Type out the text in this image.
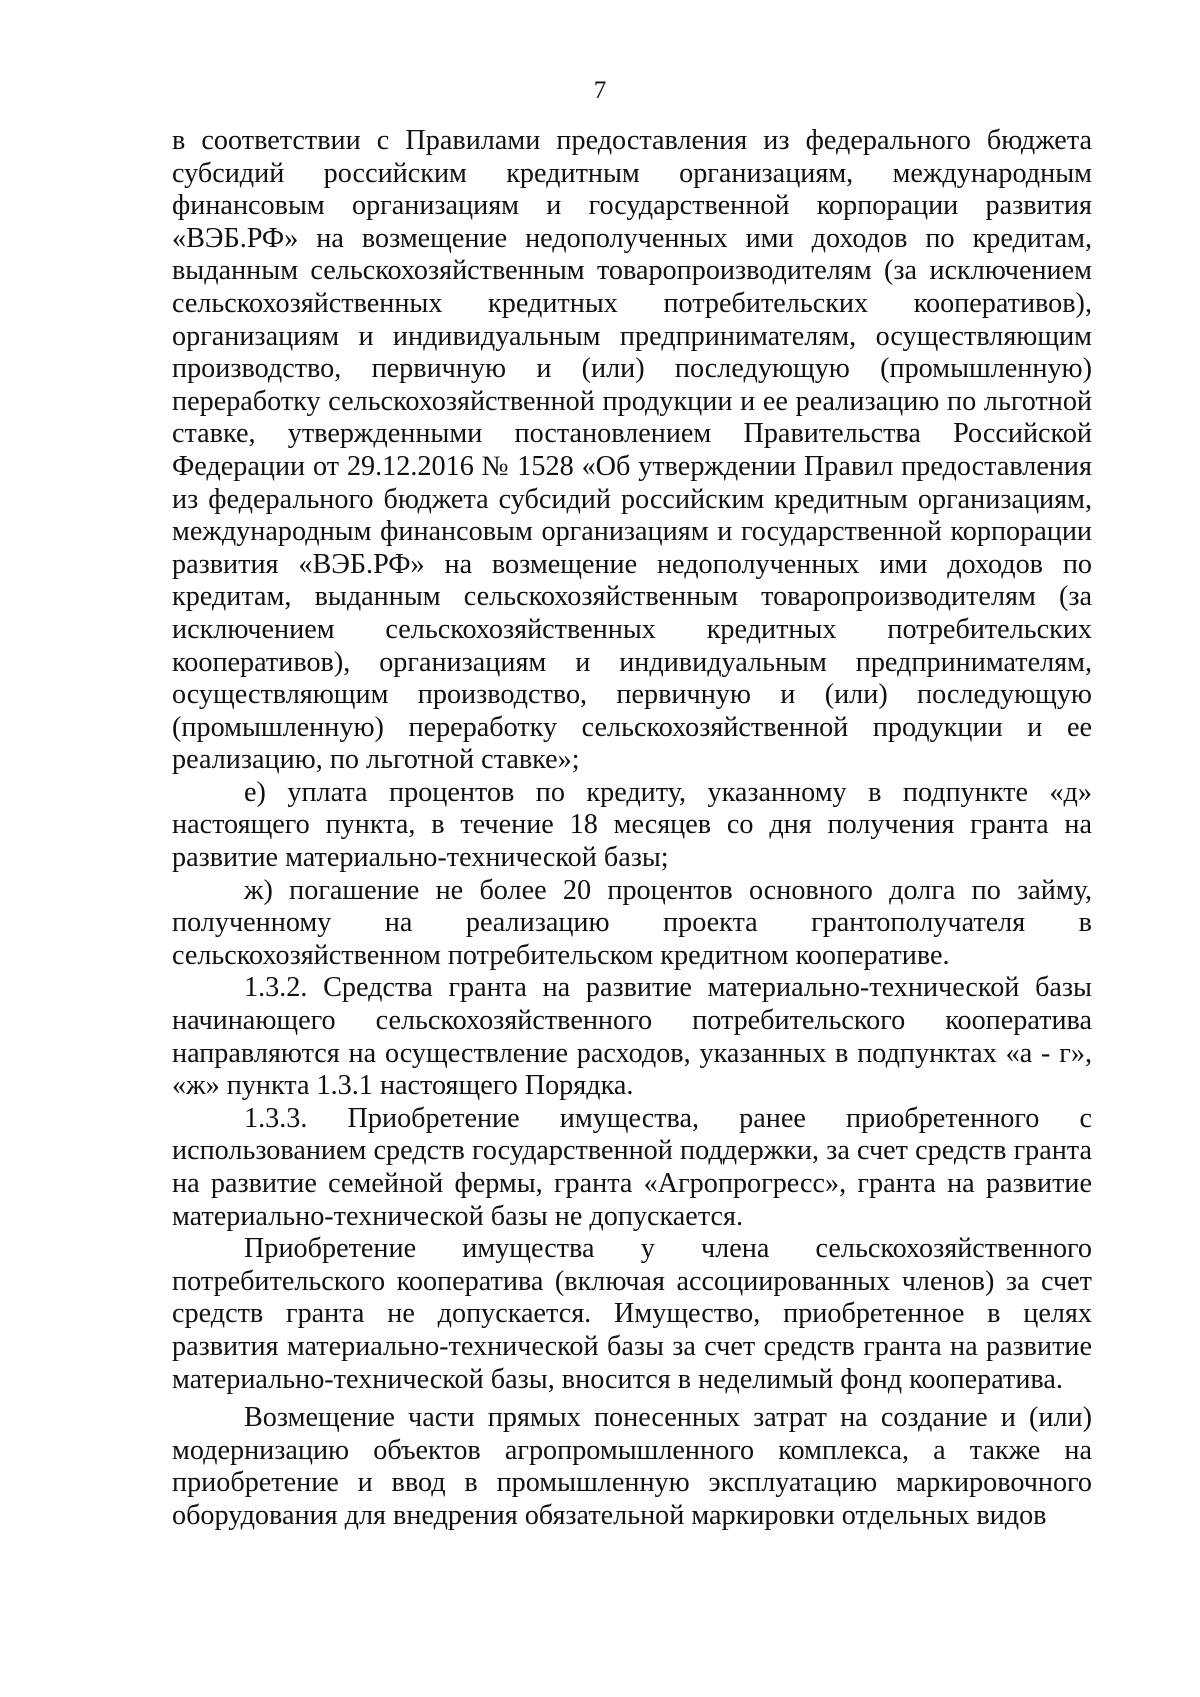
7

в соответствии с Правилами предоставления из федерального бюджета субсидий российским кредитным организациям, международным финансовым организациям и государственной корпорации развития «ВЭБ.РФ» на возмещение недополученных ими доходов по кредитам, выданным сельскохозяйственным товаропроизводителям (за исключением сельскохозяйственных кредитных потребительских кооперативов), организациям и индивидуальным предпринимателям, осуществляющим производство, первичную и (или) последующую (промышленную) переработку сельскохозяйственной продукции и ее реализацию по льготной ставке, утвержденными постановлением Правительства Российской Федерации от 29.12.2016 № 1528 «Об утверждении Правил предоставления из федерального бюджета субсидий российским кредитным организациям, международным финансовым организациям и государственной корпорации развития «ВЭБ.РФ» на возмещение недополученных ими доходов по кредитам, выданным сельскохозяйственным товаропроизводителям (за исключением сельскохозяйственных кредитных потребительских кооперативов), организациям и индивидуальным предпринимателям, осуществляющим производство, первичную и (или) последующую (промышленную) переработку сельскохозяйственной продукции и ее реализацию, по льготной ставке»;

е) уплата процентов по кредиту, указанному в подпункте «д» настоящего пункта, в течение 18 месяцев со дня получения гранта на развитие материально-технической базы;

ж) погашение не более 20 процентов основного долга по займу, полученному на реализацию проекта грантополучателя в сельскохозяйственном потребительском кредитном кооперативе.

1.3.2. Средства гранта на развитие материально-технической базы начинающего сельскохозяйственного потребительского кооператива направляются на осуществление расходов, указанных в подпунктах «а - г», «ж» пункта 1.3.1 настоящего Порядка.

1.3.3. Приобретение имущества, ранее приобретенного с использованием средств государственной поддержки, за счет средств гранта на развитие семейной фермы, гранта «Агропрогресс», гранта на развитие материально-технической базы не допускается.

Приобретение имущества у члена сельскохозяйственного потребительского кооператива (включая ассоциированных членов) за счет средств гранта не допускается. Имущество, приобретенное в целях развития материально-технической базы за счет средств гранта на развитие материально-технической базы, вносится в неделимый фонд кооператива.

Возмещение части прямых понесенных затрат на создание и (или) модернизацию объектов агропромышленного комплекса, а также на приобретение и ввод в промышленную эксплуатацию маркировочного оборудования для внедрения обязательной маркировки отдельных видов
